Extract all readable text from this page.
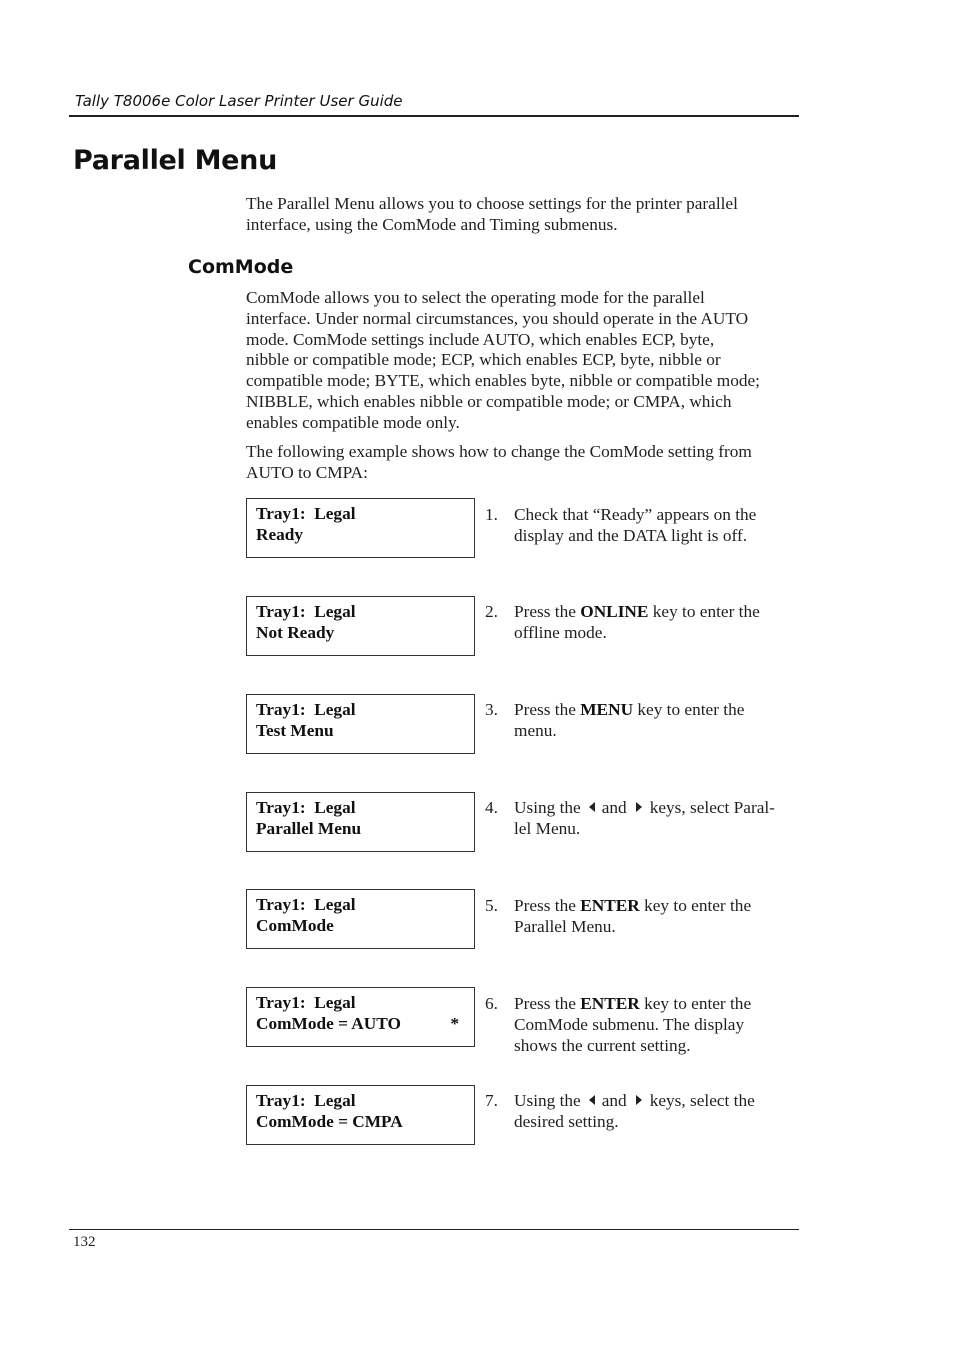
Tally T8006e Color Laser Printer User Guide
Parallel Menu
The Parallel Menu allows you to choose settings for the printer parallel
interface, using the ComMode and Timing submenus.
ComMode
ComMode allows you to select the operating mode for the parallel
interface. Under normal circumstances, you should operate in the AUTO
mode. ComMode settings include AUTO, which enables ECP, byte,
nibble or compatible mode; ECP, which enables ECP, byte, nibble or
compatible mode; BYTE, which enables byte, nibble or compatible mode;
NIBBLE, which enables nibble or compatible mode; or CMPA, which
enables compatible mode only.
The following example shows how to change the ComMode setting from
AUTO to CMPA:
Tray1:  Legal
Ready
1. Check that “Ready” appears on the
display and the DATA light is off.
Tray1:  Legal
Not Ready
2. Press the ONLINE key to enter the
offline mode.
Tray1:  Legal
Test Menu
3. Press the MENU key to enter the
menu.
Tray1:  Legal
Parallel Menu
4. Using the and keys, select Paral-
lel Menu.
Tray1:  Legal
ComMode
5. Press the ENTER key to enter the
Parallel Menu.
Tray1:  Legal
ComMode = AUTO	*
6. Press the ENTER key to enter the
ComMode submenu. The display
shows the current setting.
Tray1:  Legal
ComMode = CMPA
7. Using the and keys, select the
desired setting.
132
